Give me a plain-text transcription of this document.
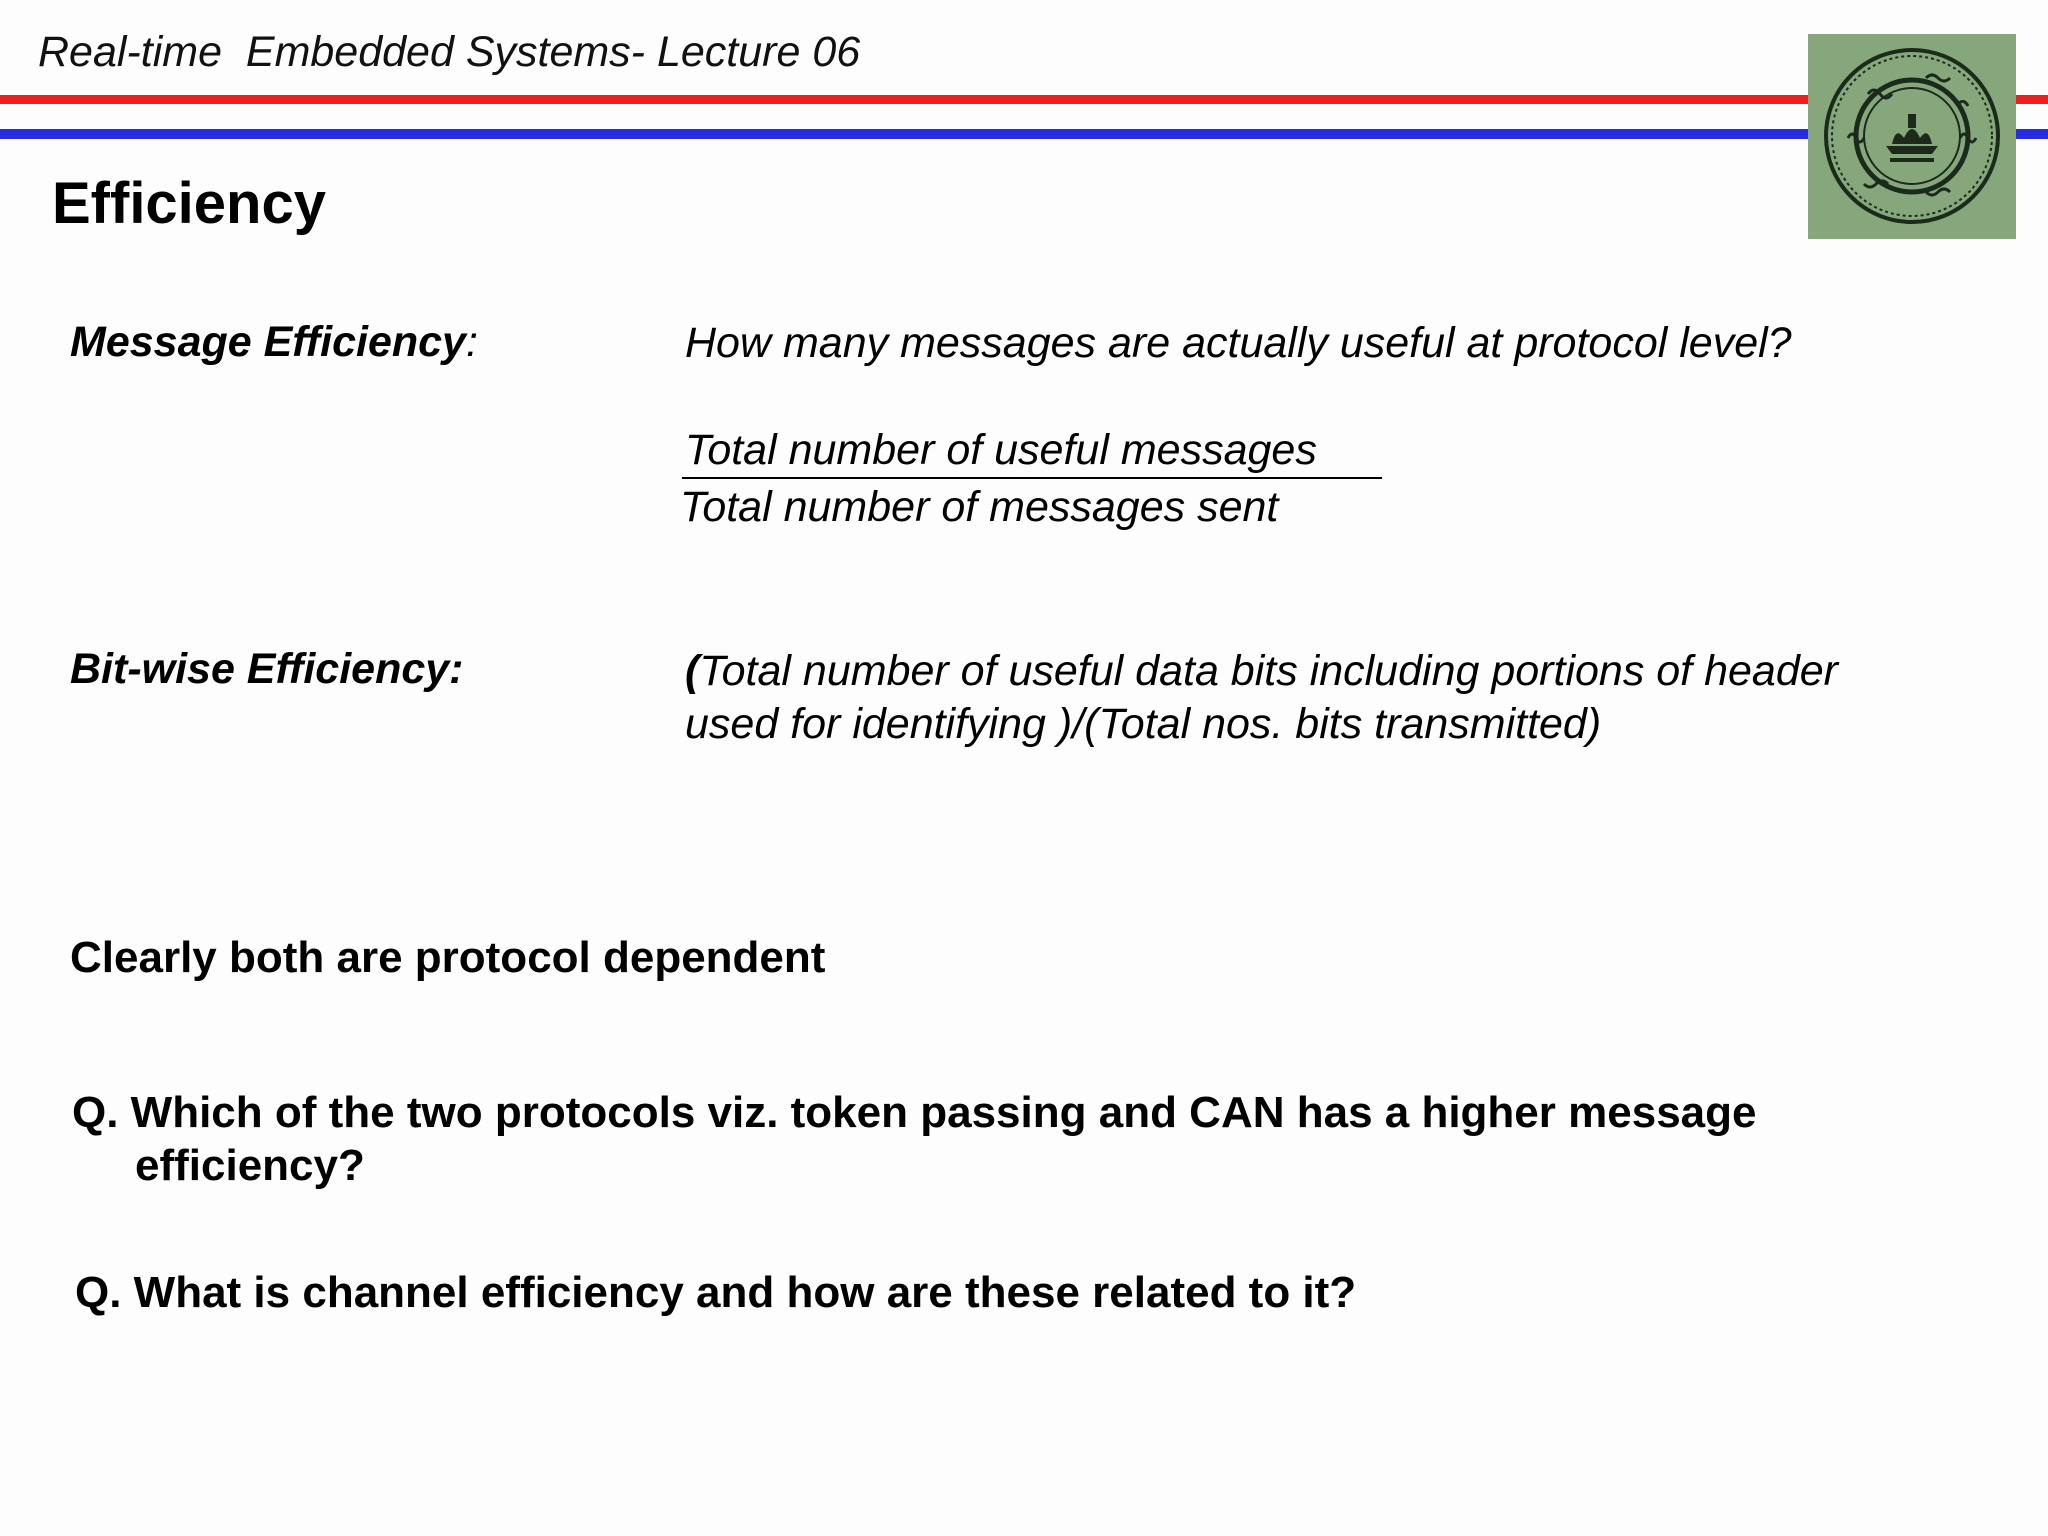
Real-time  Embedded Systems- Lecture 06
Efficiency
Message Efficiency:	How many messages are actually useful at protocol level?
Total number of useful messages
Total number of messages sent
Bit-wise Efficiency:	(Total number of useful data bits including portions of header
used for identifying )/(Total nos. bits transmitted)
Clearly both are protocol dependent
Q. Which of the two protocols viz. token passing and CAN has a higher message
efficiency?
Q. What is channel efficiency and how are these related to it?
